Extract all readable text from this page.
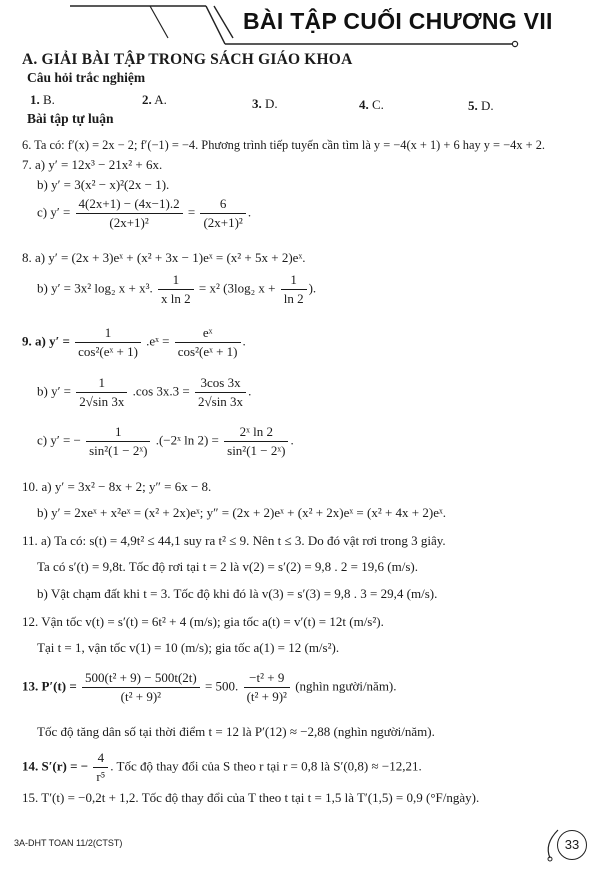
BÀI TẬP CUỐI CHƯƠNG VII
A. GIẢI BÀI TẬP TRONG SÁCH GIÁO KHOA
Câu hỏi trắc nghiệm
1. B.	2. A.	3. D.	4. C.	5. D.
Bài tập tự luận
6. Ta có: f′(x) = 2x − 2; f′(−1) = −4. Phương trình tiếp tuyến cần tìm là y = −4(x + 1) + 6 hay y = −4x + 2.
7. a) y′ = 12x³ − 21x² + 6x.
b) y′ = 3(x² − x)²(2x − 1).
c) $y' = \frac{4(2x+1) - (4x-1).2}{\text{(2x+1)²}} = \frac{6}{\text{(2x+1)²}}$ .
8. a) y′ = (2x + 3)eˣ + (x² + 3x − 1)eˣ = (x² + 5x + 2)eˣ.
b) y′ = 3x² log₂ x + x³. $\frac{1}{\text{x ln 2}} = x^2$ (3log₂ $x + \frac{1}{\ln 2}$ ).
9. a) $y' = \frac{1}{\text{cos²(eˣ + 1)}}$ .eˣ = $\frac{\text{eˣ}}{\text{cos²(eˣ + 1)}}$ .
b) $y' = \frac{1}{2√\sin 3x} .\cos$ $3x.3 = \frac{3\cos 3x}{2√\sin 3x}$ .
c) y′ = − $\frac{1}{\text{sin²(1 − 2ˣ)}}$ .(−2ˣ $\ln 2) = \frac{\text{2ˣ ln 2}}{\text{sin²(1 − 2ˣ)}}$ .
10. a) y′ = 3x² − 8x + 2; y″ = 6x − 8.
b) y′ = 2xeˣ + x²eˣ = (x² + 2x)eˣ; y″ = (2x + 2)eˣ + (x² + 2x)eˣ = (x² + 4x + 2)eˣ.
11. a) Ta có: s(t) = 4,9t² ≤ 44,1 suy ra t² ≤ 9. Nên t ≤ 3. Do đó vật rơi trong 3 giây.
Ta có s′(t) = 9,8t. Tốc độ rơi tại t = 2 là v(2) = s′(2) = 9,8 . 2 = 19,6 (m/s).
b) Vật chạm đất khi t = 3. Tốc độ khi đó là v(3) = s′(3) = 9,8 . 3 = 29,4 (m/s).
12. Vận tốc v(t) = s′(t) = 6t² + 4 (m/s); gia tốc a(t) = v′(t) = 12t (m/s²).
Tại t = 1, vận tốc v(1) = 10 (m/s); gia tốc a(1) = 12 (m/s²).
13. $P'(t) = \frac{\text{500(t² + 9) − 500t(2t)}}{\text{(t² + 9)²}} = 500$. $\frac{\text{−t² + 9}}{\text{(t² + 9)²}}$ (nghìn người/năm).
Tốc độ tăng dân số tại thời điểm t = 12 là P′(12) ≈ −2,88 (nghìn người/năm).
14. S′(r) = − $\frac{4}{\text{r⁵}}$ . Tốc độ thay đổi của S theo r tại r = 0,8 là S′(0,8) ≈ −12,21.
15. T′(t) = −0,2t + 1,2. Tốc độ thay đổi của T theo t tại t = 1,5 là T′(1,5) = 0,9 (°F/ngày).
3A-DHT TOAN 11/2(CTST)	33
